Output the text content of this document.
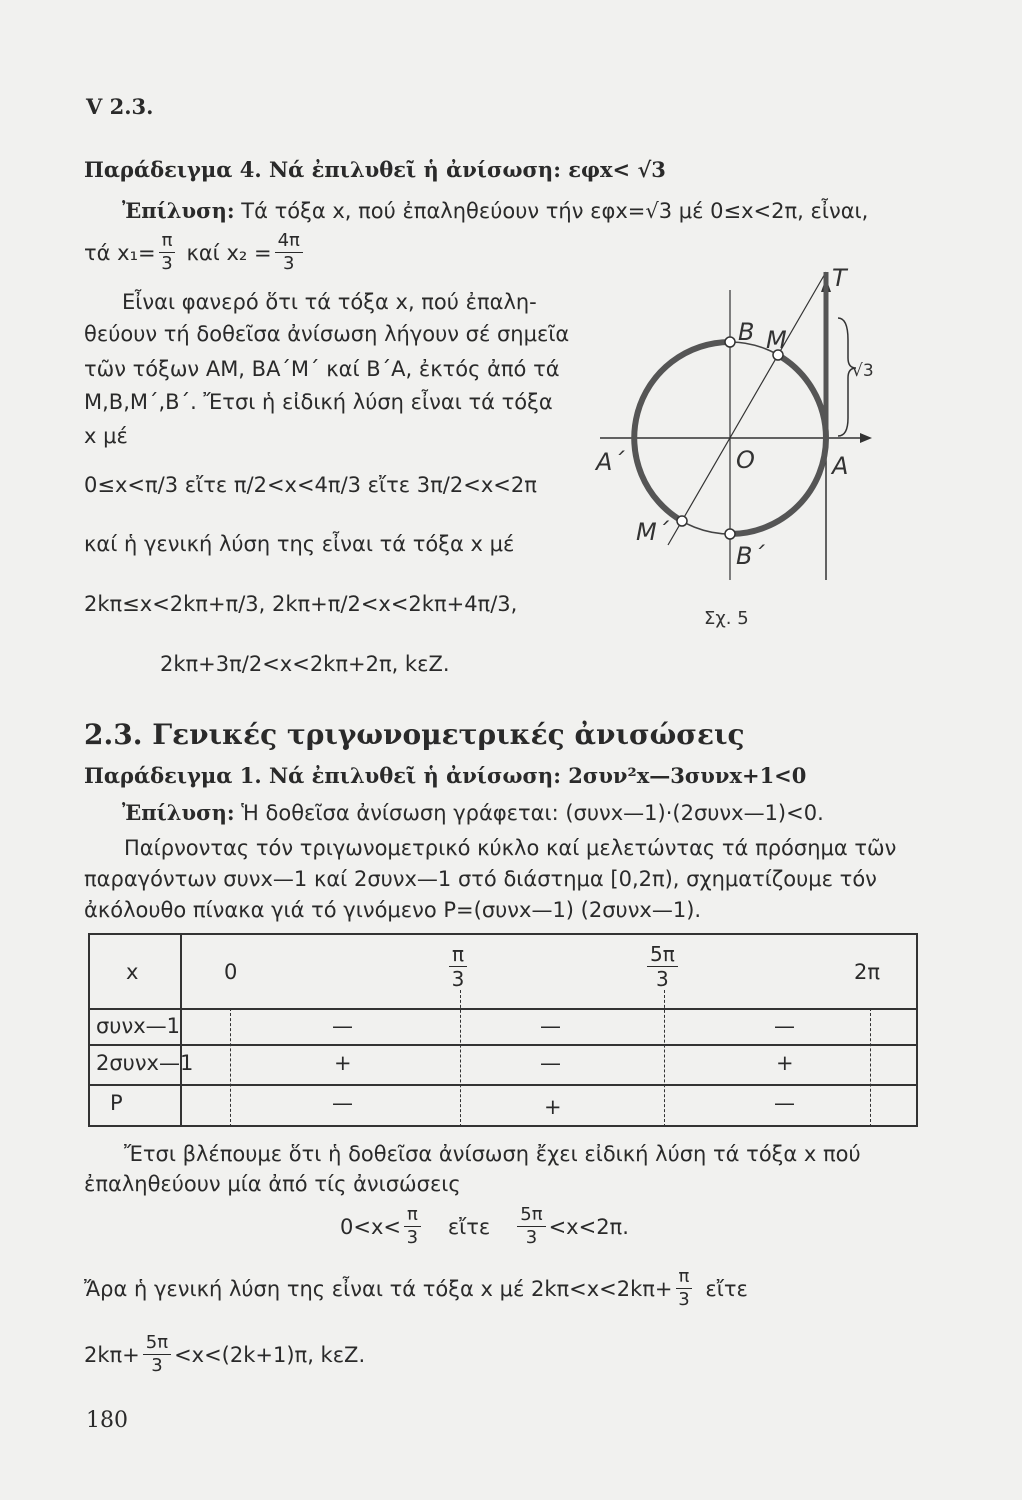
V 2.3.
Παράδειγμα 4. Νά ἐπιλυθεῖ ἡ ἀνίσωση: εφx< √3
Ἐπίλυση: Τά τόξα x, πού ἐπαληθεύουν τήν εφx=√3 μέ 0≤x<2π, εἶναι,
τά $x_1= \frac{\pi}{3}$ καί $x_2 = \frac{4\pi}{3}$
Εἶναι φανερό ὅτι τά τόξα x, πού ἐπαλη-
θεύουν τή δοθεῖσα ἀνίσωση λήγουν σέ σημεῖα
τῶν τόξων AM, BA΄M΄ καί B΄A, ἐκτός ἀπό τά
M,B,M΄,B΄. Ἔτσι ἡ εἰδική λύση εἶναι τά τόξα
x μέ
0≤x<π/3 εἴτε π/2<x<4π/3 εἴτε 3π/2<x<2π
καί ἡ γενική λύση της εἶναι τά τόξα x μέ
2kπ≤x<2kπ+π/3, 2kπ+π/2<x<2kπ+4π/3,
2kπ+3π/2<x<2kπ+2π, kεZ.
T
B M
√3
A΄	O	A
M΄
B΄
Σχ. 5
2.3. Γενικές τριγωνομετρικές ἀνισώσεις
Παράδειγμα 1. Νά ἐπιλυθεῖ ἡ ἀνίσωση: 2συν²x—3συνx+1<0
Ἐπίλυση: Ἡ δοθεῖσα ἀνίσωση γράφεται: (συνx—1)·(2συνx—1)<0.
Παίρνοντας τόν τριγωνομετρικό κύκλο καί μελετώντας τά πρόσημα τῶν
παραγόντων συνx—1 καί 2συνx—1 στό διάστημα [0,2π), σχηματίζουμε τόν
ἀκόλουθο πίνακα γιά τό γινόμενο P=(συνx—1) (2συνx—1).
x	0	$\frac{\pi}{3}$	$\frac{5\pi}{3}$	2π
συνx—1	—	—	—
2συνx—1	+	—	+
P	—	+	—
Ἔτσι βλέπουμε ὅτι ἡ δοθεῖσα ἀνίσωση ἔχει εἰδική λύση τά τόξα x πού
ἐπαληθεύουν μία ἀπό τίς ἀνισώσεις
$0<x< \frac{\pi}{3}$ εἴτε $\frac{5\pi}{3} <x<2\pi$.
Ἄρα ἡ γενική λύση της εἶναι τά τόξα x μέ $2k\pi<x<2k\pi+ \frac{\pi}{3}$ εἴτε
$2k\pi+ \frac{5\pi}{3} <x<(2k+1)\pi$, kεZ.
180
